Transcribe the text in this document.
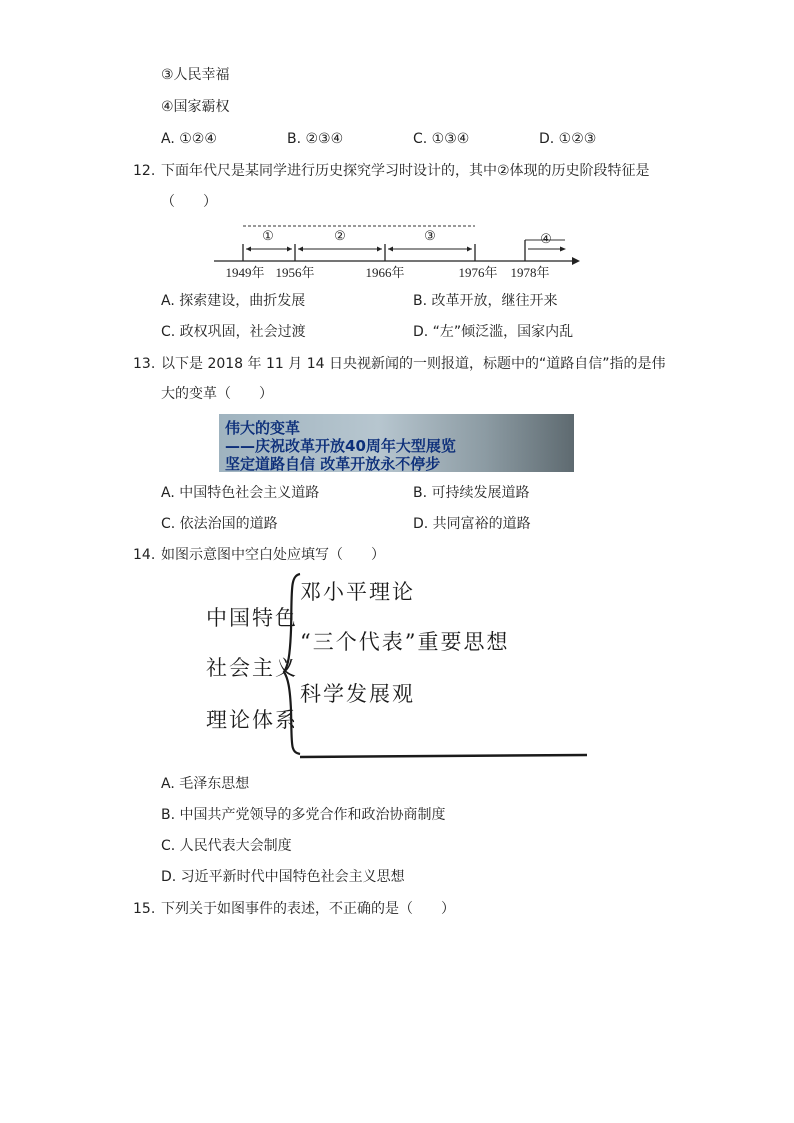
③人民幸福
④国家霸权
A. ①②④	B. ②③④	C. ①③④	D. ①②③
12. 下面年代尺是某同学进行历史探究学习时设计的，其中②体现的历史阶段特征是
（　　）
①	②	③	④
1949年 1956年	1966年	1976年 1978年
A. 探索建设，曲折发展	B. 改革开放，继往开来
C. 政权巩固，社会过渡	D. “左”倾泛滥，国家内乱
13. 以下是 2018 年 11 月 14 日央视新闻的一则报道，标题中的“道路自信”指的是伟
大的变革（　　）
伟大的变革
——庆祝改革开放40周年大型展览
坚定道路自信 改革开放永不停步
A. 中国特色社会主义道路	B. 可持续发展道路
C. 依法治国的道路	D. 共同富裕的道路
14. 如图示意图中空白处应填写（　　）
中国特色
社会主义
理论体系
邓小平理论
“三个代表”重要思想
科学发展观
A. 毛泽东思想
B. 中国共产党领导的多党合作和政治协商制度
C. 人民代表大会制度
D. 习近平新时代中国特色社会主义思想
15. 下列关于如图事件的表述，不正确的是（　　）
